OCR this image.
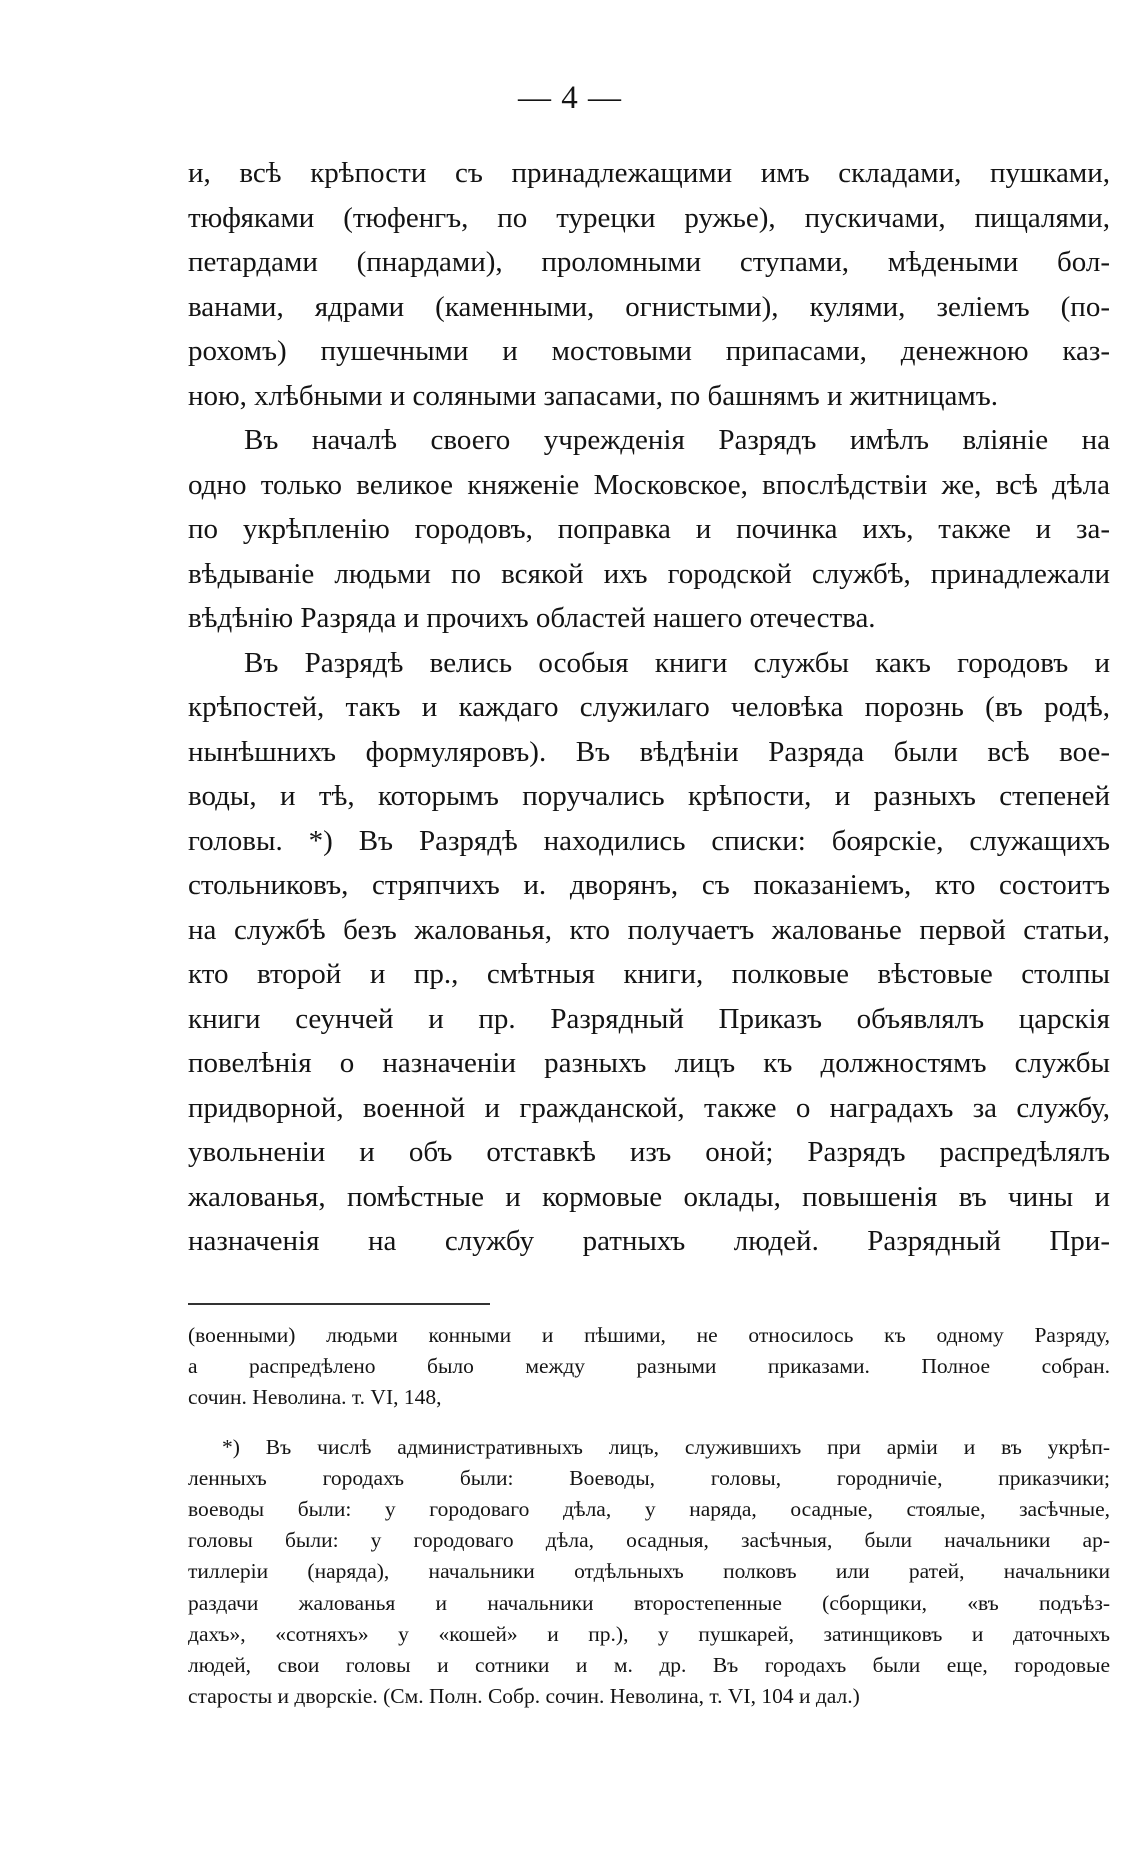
— 4 —
и, всѣ крѣпости съ принадлежащими имъ складами, пушками,
тюфяками (тюфенгъ, по турецки ружье), пускичами, пищалями,
петардами (пнардами), проломными ступами, мѣдеными бол-
ванами, ядрами (каменными, огнистыми), кулями, зеліемъ (по-
рохомъ) пушечными и мостовыми припасами, денежною каз-
ною, хлѣбными и соляными запасами, по башнямъ и житницамъ.
Въ началѣ своего учрежденія Разрядъ имѣлъ вліяніе на
одно только великое княженіе Московское, впослѣдствіи же, всѣ дѣла
по укрѣпленію городовъ, поправка и починка ихъ, также и за-
вѣдываніе людьми по всякой ихъ городской службѣ, принадлежали
вѣдѣнію Разряда и прочихъ областей нашего отечества.
Въ Разрядѣ велись особыя книги службы какъ городовъ и
крѣпостей, такъ и каждаго служилаго человѣка порознь (въ родѣ,
нынѣшнихъ формуляровъ). Въ вѣдѣніи Разряда были всѣ вое-
воды, и тѣ, которымъ поручались крѣпости, и разныхъ степеней
головы. *) Въ Разрядѣ находились списки: боярскіе, служащихъ
стольниковъ, стряпчихъ и. дворянъ, съ показаніемъ, кто состоитъ
на службѣ безъ жалованья, кто получаетъ жалованье первой статьи,
кто второй и пр., смѣтныя книги, полковые вѣстовые столпы
книги сеунчей и пр. Разрядный Приказъ объявлялъ царскія
повелѣнія о назначеніи разныхъ лицъ къ должностямъ службы
придворной, военной и гражданской, также о наградахъ за службу,
увольненіи и объ отставкѣ изъ оной; Разрядъ распредѣлялъ
жалованья, помѣстные и кормовые оклады, повышенія въ чины и
назначенія на службу ратныхъ людей. Разрядный При-
(военными) людьми конными и пѣшими, не относилось къ одному Разряду,
а распредѣлено было между разными приказами. Полное собран.
сочин. Неволина. т. VI, 148,
*) Въ числѣ административныхъ лицъ, служившихъ при арміи и въ укрѣп-
ленныхъ городахъ были: Воеводы, головы, городничіе, приказчики;
воеводы были: у городоваго дѣла, у наряда, осадные, стоялые, засѣчные,
головы были: у городоваго дѣла, осадныя, засѣчныя, были начальники ар-
тиллеріи (наряда), начальники отдѣльныхъ полковъ или ратей, начальники
раздачи жалованья и начальники второстепенные (сборщики, «въ подъѣз-
дахъ», «сотняхъ» у «кошей» и пр.), у пушкарей, затинщиковъ и даточныхъ
людей, свои головы и сотники и м. др. Въ городахъ были еще, городовые
старосты и дворскіе. (См. Полн. Собр. сочин. Неволина, т. VI, 104 и дал.)
